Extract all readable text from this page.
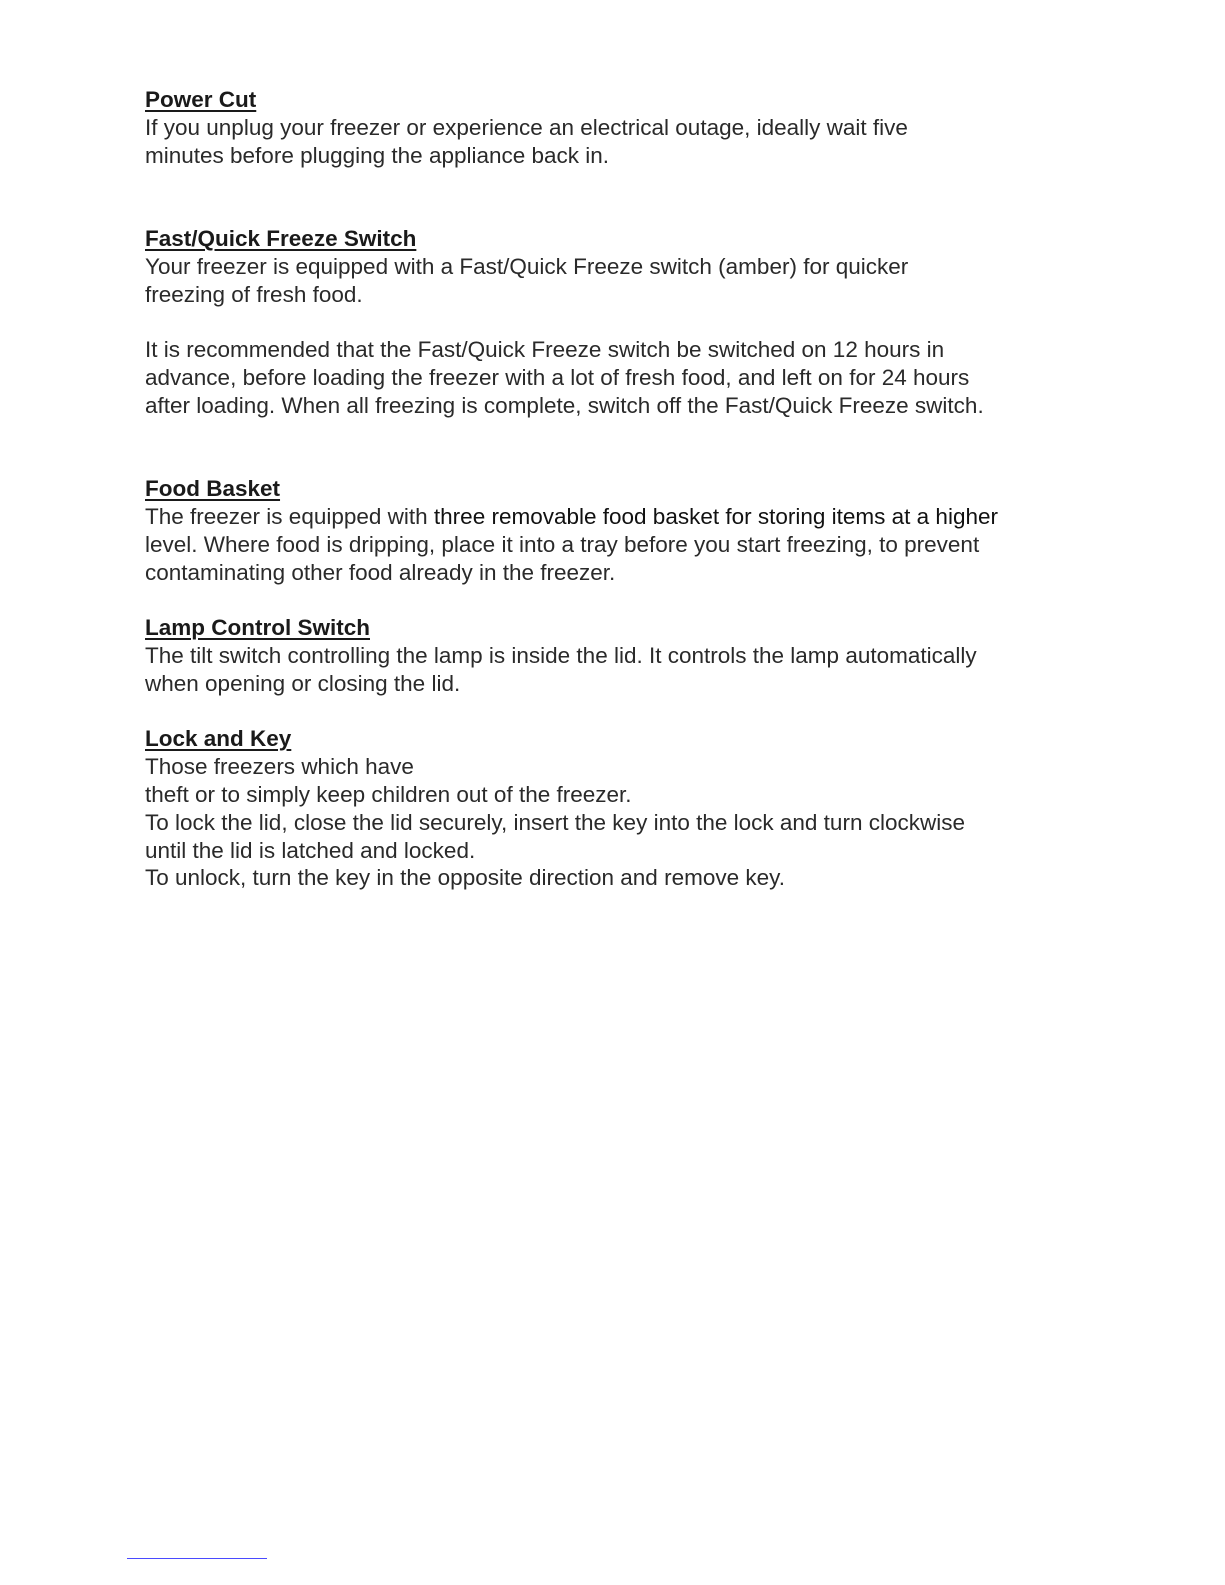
Power Cut
If you unplug your freezer or experience an electrical outage, ideally wait five
minutes before plugging the appliance back in.
Fast/Quick Freeze Switch
Your freezer is equipped with a Fast/Quick Freeze switch (amber) for quicker
freezing of fresh food.
It is recommended that the Fast/Quick Freeze switch be switched on 12 hours in
advance, before loading the freezer with a lot of fresh food, and left on for 24 hours
after loading. When all freezing is complete, switch off the Fast/Quick Freeze switch.
Food Basket
The freezer is equipped with three removable food basket for storing items at a higher
level. Where food is dripping, place it into a tray before you start freezing, to prevent
contaminating other food already in the freezer.
Lamp Control Switch
The tilt switch controlling the lamp is inside the lid. It controls the lamp automatically
when opening or closing the lid.
Lock and Key
Those freezers which have
theft or to simply keep children out of the freezer.
To lock the lid, close the lid securely, insert the key into the lock and turn clockwise
until the lid is latched and locked.
To unlock, turn the key in the opposite direction and remove key.
